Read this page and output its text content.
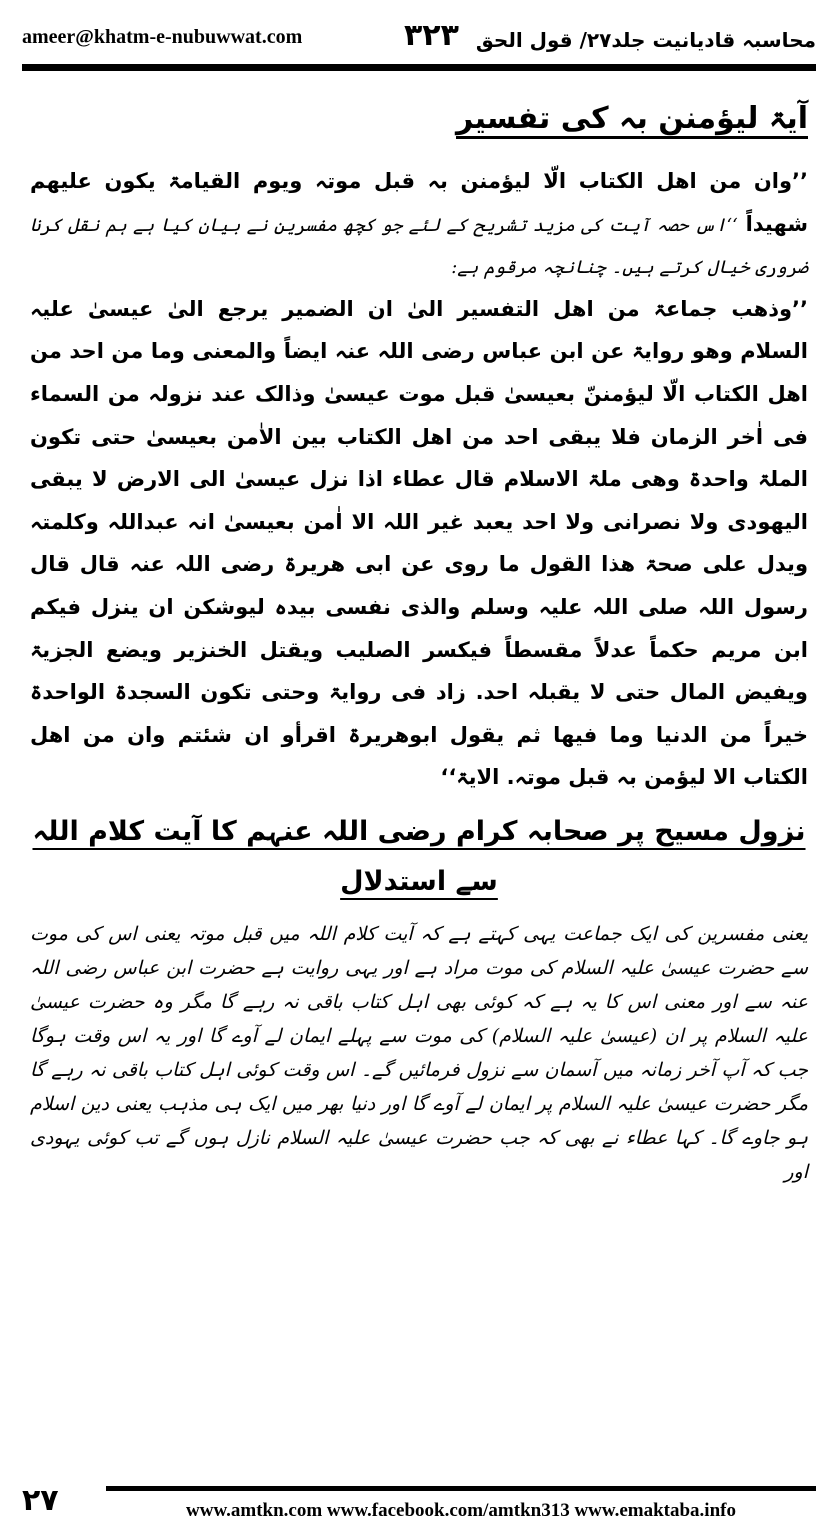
ameer@khatm-e-nubuwwat.com	۳۲۳ محاسبہ قادیانیت جلد۲۷/ قول الحق
آیۃ لیؤمنن بہ کی تفسیر

’’وان من اھل الکتاب الّا لیؤمنن بہ قبل موتہ ویوم القیامۃ یکون علیھم شھیداً ‘‘اس حصہ آیت کی مزید تشریح کے لئے جو کچھ مفسرین نے بیان کیا ہے ہم نقل کرنا ضروری خیال کرتے ہیں۔ چنانچہ مرقوم ہے:

’’وذھب جماعۃ من اھل التفسیر الیٰ ان الضمیر یرجع الیٰ عیسیٰ علیہ السلام وھو روایۃ عن ابن عباس رضی اللہ عنہ ایضاً والمعنی وما من احد من اھل الکتاب الّا لیؤمننّ بعیسیٰ قبل موت عیسیٰ وذالک عند نزولہ من السماء فی اٰخر الزمان فلا یبقی احد من اھل الکتاب بین الاٰمن بعیسیٰ حتی تکون الملۃ واحدۃ وھی ملۃ الاسلام قال عطاء اذا نزل عیسیٰ الی الارض لا یبقی الیھودی ولا نصرانی ولا احد یعبد غیر اللہ الا اٰمن بعیسیٰ انہ عبداللہ وکلمتہ ویدل علی صحۃ ھذا القول ما روی عن ابی ھریرۃ رضی اللہ عنہ قال قال رسول اللہ صلی اللہ علیہ وسلم والذی نفسی بیدہ لیوشکن ان ینزل فیکم ابن مریم حکماً عدلاً مقسطاً فیکسر الصلیب ویقتل الخنزیر ویضع الجزیۃ ویفیض المال حتی لا یقبلہ احد. زاد فی روایۃ وحتی تکون السجدۃ الواحدۃ خیراً من الدنیا وما فیھا ثم یقول ابوھریرۃ اقرأو ان شئتم وان من اھل الکتاب الا لیؤمن بہ قبل موتہ. الایۃ‘‘

نزول مسیح پر صحابہ کرام رضی اللہ عنہم کا آیت کلام اللہ سے استدلال

یعنی مفسرین کی ایک جماعت یہی کہتے ہے کہ آیت کلام اللہ میں قبل موتہ یعنی اس کی موت سے حضرت عیسیٰ علیہ السلام کی موت مراد ہے اور یہی روایت ہے حضرت ابن عباس رضی اللہ عنہ سے اور معنی اس کا یہ ہے کہ کوئی بھی اہل کتاب باقی نہ رہے گا مگر وہ حضرت عیسیٰ علیہ السلام پر ان (عیسیٰ علیہ السلام) کی موت سے پہلے ایمان لے آوے گا اور یہ اس وقت ہوگا جب کہ آپ آخر زمانہ میں آسمان سے نزول فرمائیں گے۔ اس وقت کوئی اہل کتاب باقی نہ رہے گا مگر حضرت عیسیٰ علیہ السلام پر ایمان لے آوے گا اور دنیا بھر میں ایک ہی مذہب یعنی دین اسلام ہو جاوے گا۔ کہا عطاء نے بھی کہ جب حضرت عیسیٰ علیہ السلام نازل ہوں گے تب کوئی یہودی اور

۲۷	www.amtkn.com www.facebook.com/amtkn313 www.emaktaba.info
